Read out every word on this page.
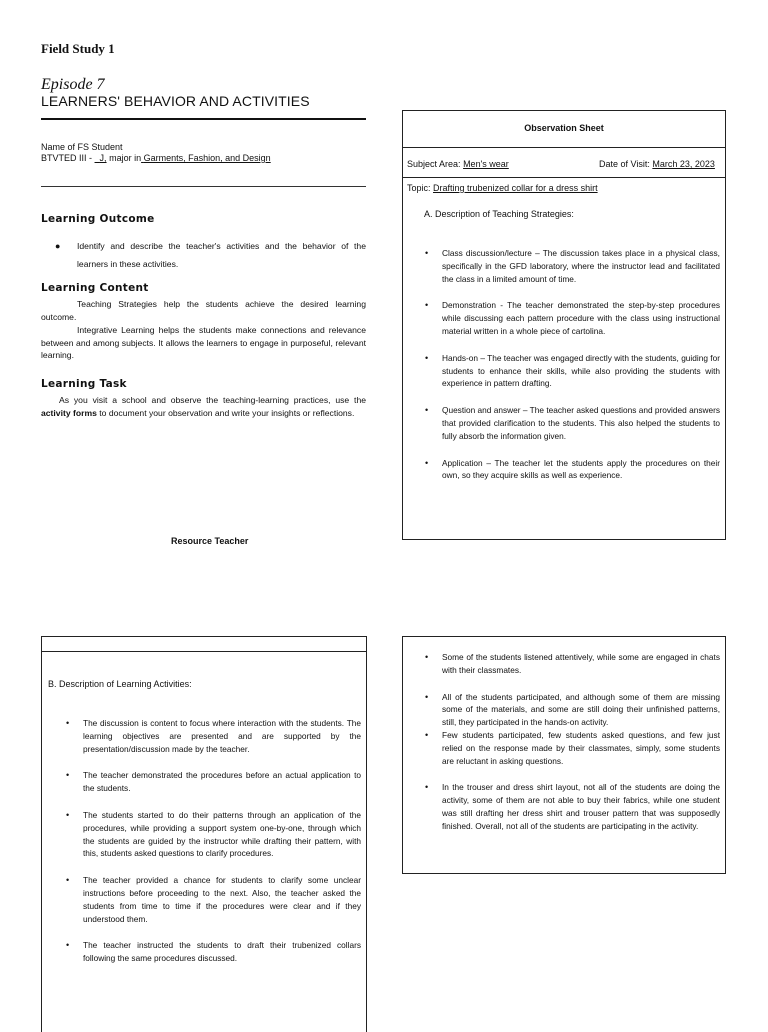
Field Study 1
Episode 7
LEARNERS' BEHAVIOR AND ACTIVITIES
Name of FS Student
BTVTED III - J, major in Garments, Fashion, and Design
Learning Outcome
● Identify and describe the teacher's activities and the behavior of the learners in these activities.
Learning Content
Teaching Strategies help the students achieve the desired learning outcome.
Integrative Learning helps the students make connections and relevance between and among subjects. It allows the learners to engage in purposeful, relevant learning.
Learning Task
As you visit a school and observe the teaching-learning practices, use the activity forms to document your observation and write your insights or reflections.
Resource Teacher
Observation Sheet
Subject Area: Men's wear	Date of Visit: March 23, 2023
Topic: Drafting trubenized collar for a dress shirt
A. Description of Teaching Strategies:
• Class discussion/lecture – The discussion takes place in a physical class, specifically in the GFD laboratory, where the instructor lead and facilitated the class in a limited amount of time.
• Demonstration - The teacher demonstrated the step-by-step procedures while discussing each pattern procedure with the class using instructional material written in a whole piece of cartolina.
• Hands-on – The teacher was engaged directly with the students, guiding for students to enhance their skills, while also providing the students with experience in pattern drafting.
• Question and answer – The teacher asked questions and provided answers that provided clarification to the students. This also helped the students to fully absorb the information given.
• Application – The teacher let the students apply the procedures on their own, so they acquire skills as well as experience.
B. Description of Learning Activities:
• The discussion is content to focus where interaction with the students. The learning objectives are presented and are supported by the presentation/discussion made by the teacher.
• The teacher demonstrated the procedures before an actual application to the students.
• The students started to do their patterns through an application of the procedures, while providing a support system one-by-one, through which the students are guided by the instructor while drafting their pattern, with this, students asked questions to clarify procedures.
• The teacher provided a chance for students to clarify some unclear instructions before proceeding to the next. Also, the teacher asked the students from time to time if the procedures were clear and if they understood them.
• The teacher instructed the students to draft their trubenized collars following the same procedures discussed.
• Some of the students listened attentively, while some are engaged in chats with their classmates.
• All of the students participated, and although some of them are missing some of the materials, and some are still doing their unfinished patterns, still, they participated in the hands-on activity.
• Few students participated, few students asked questions, and few just relied on the response made by their classmates, simply, some students are reluctant in asking questions.
• In the trouser and dress shirt layout, not all of the students are doing the activity, some of them are not able to buy their fabrics, while one student was still drafting her dress shirt and trouser pattern that was supposedly finished. Overall, not all of the students are participating in the activity.
